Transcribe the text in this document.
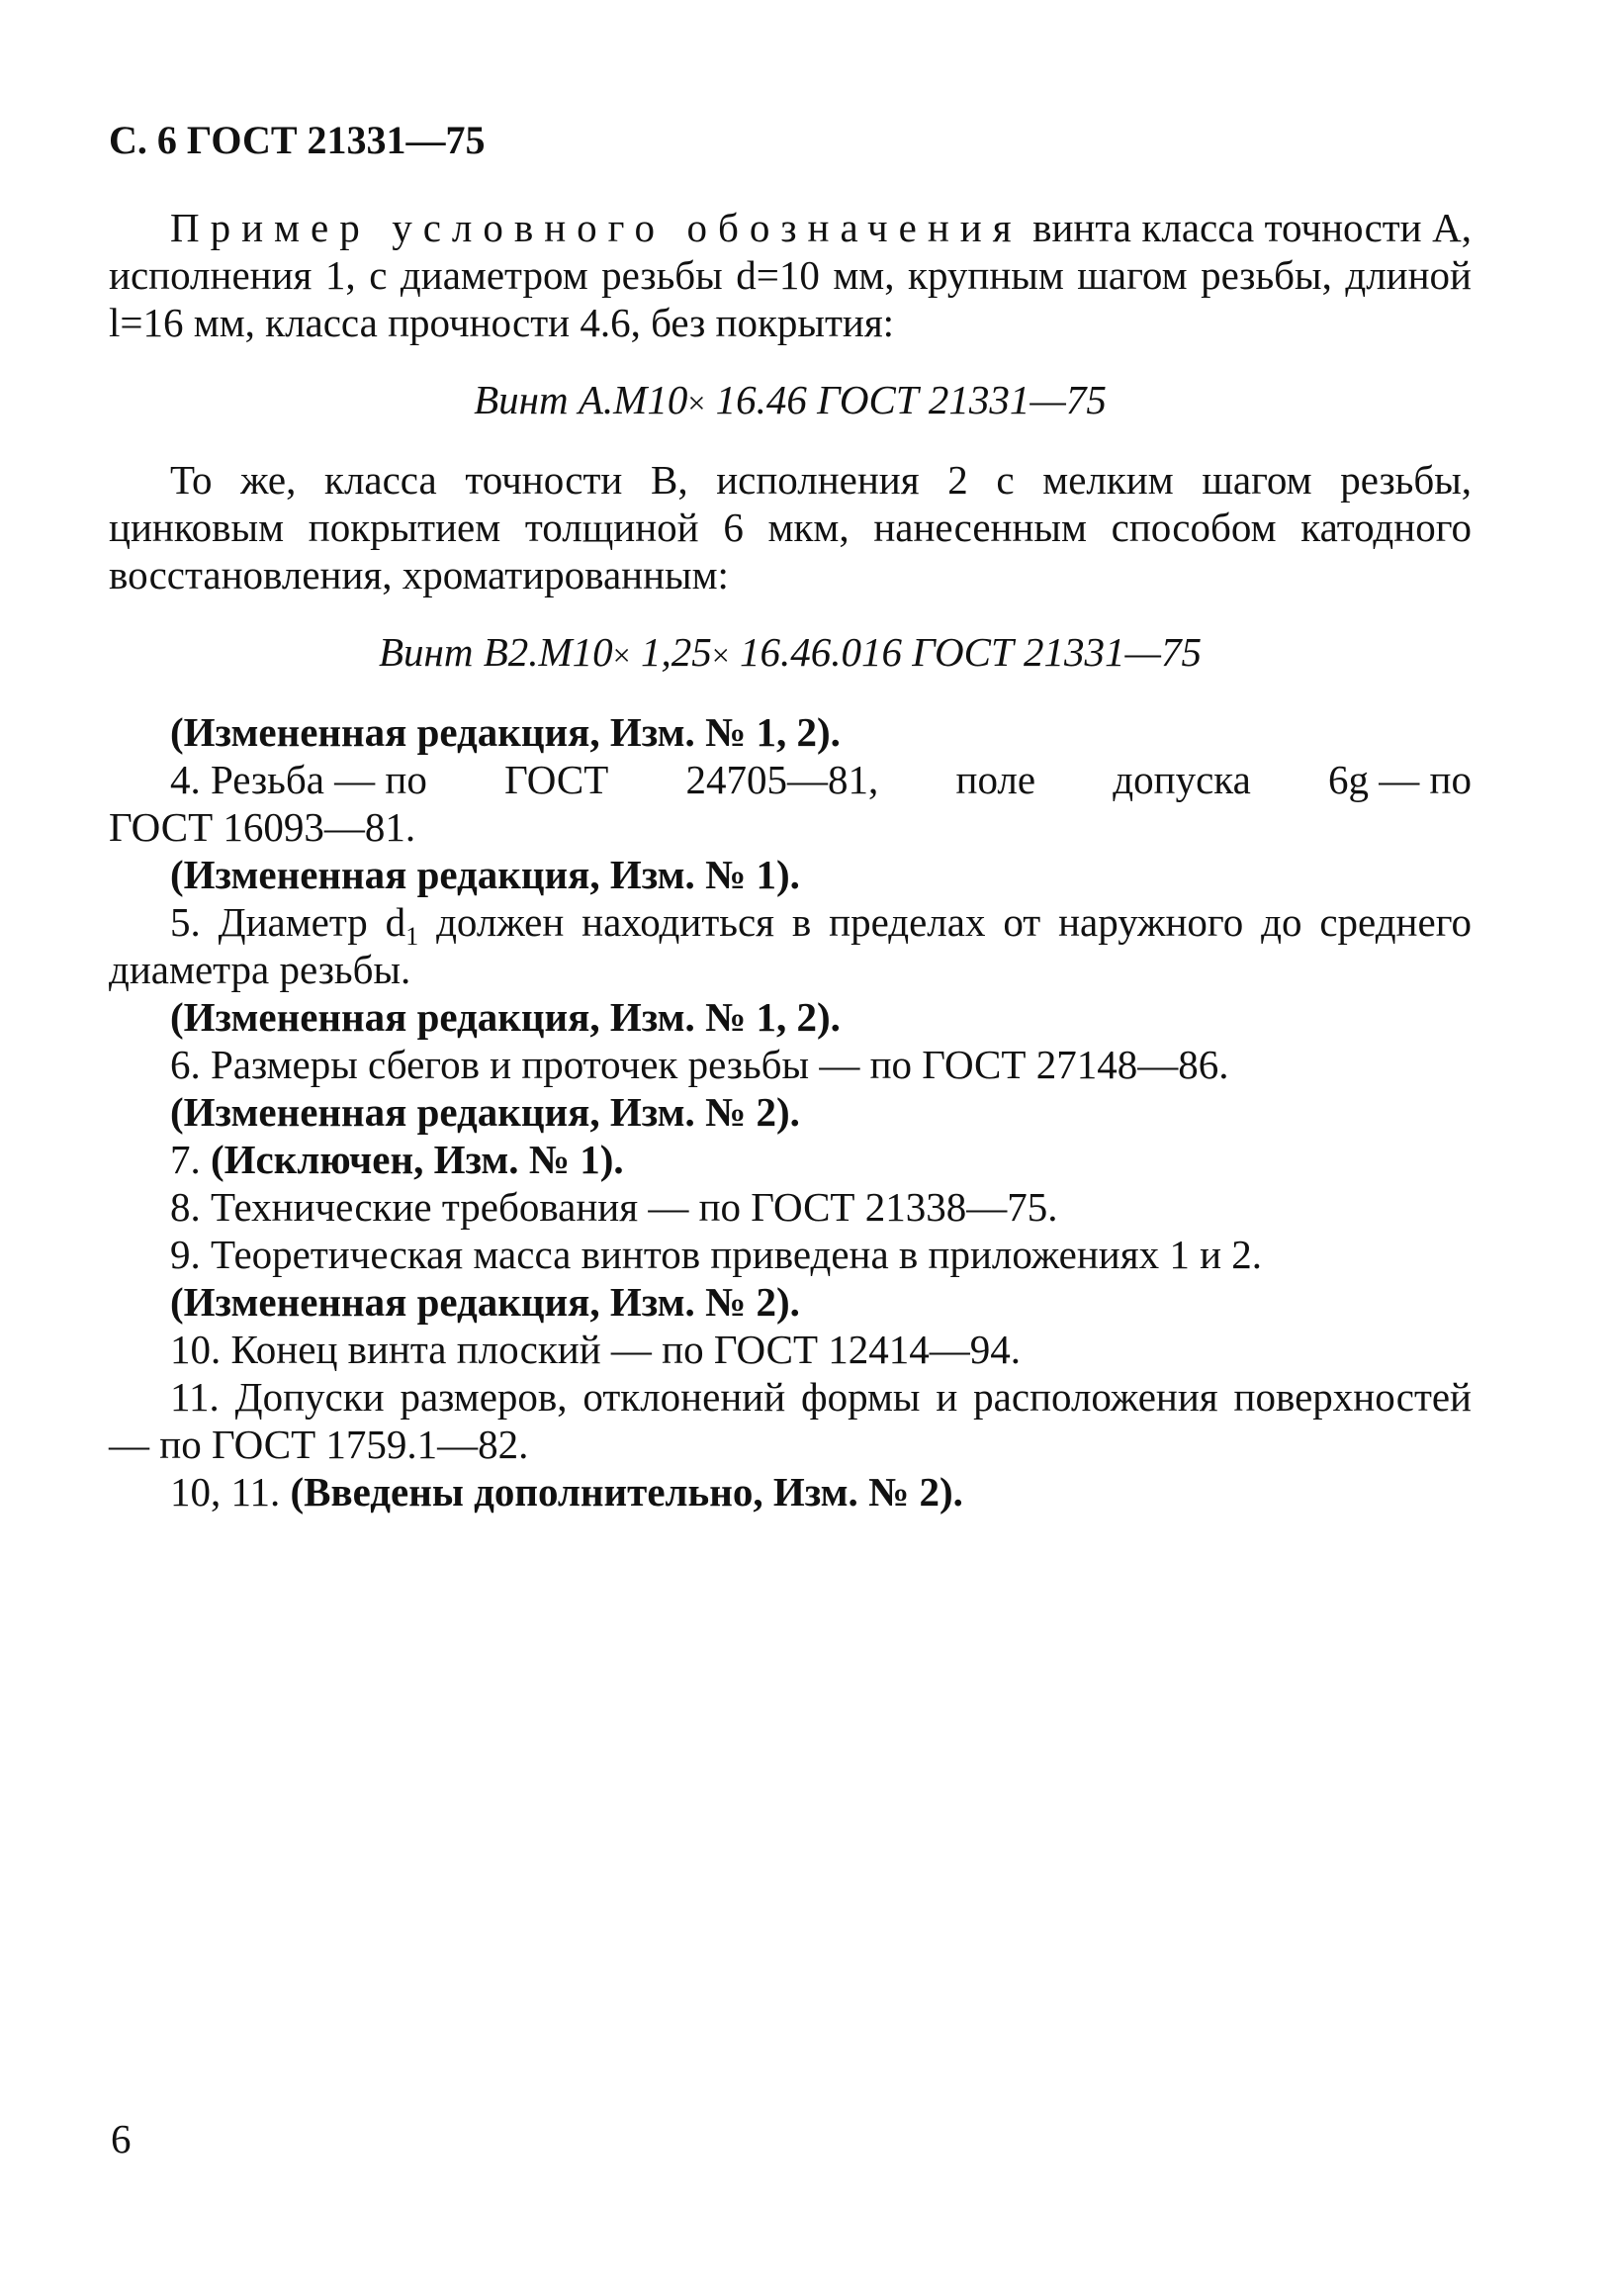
С. 6 ГОСТ 21331—75

Пример условного обозначения винта класса точности А, исполнения 1, с диаметром резьбы d=10 мм, крупным шагом резьбы, длиной l=16 мм, класса прочности 4.6, без покрытия:

Винт А.М10× 16.46 ГОСТ 21331—75

То же, класса точности В, исполнения 2 с мелким шагом резьбы, цинковым покрытием толщиной 6 мкм, нанесенным способом катодного восстановления, хроматированным:

Винт В2.М10× 1,25× 16.46.016 ГОСТ 21331—75

(Измененная редакция, Изм. № 1, 2).

4. Резьба — по ГОСТ 24705—81, поле допуска 6g — по

ГОСТ 16093—81.

(Измененная редакция, Изм. № 1).

5. Диаметр $d_1$ должен находиться в пределах от наружного до среднего диаметра резьбы.

(Измененная редакция, Изм. № 1, 2).

6. Размеры сбегов и проточек резьбы — по ГОСТ 27148—86.

(Измененная редакция, Изм. № 2).

7. (Исключен, Изм. № 1).

8. Технические требования — по ГОСТ 21338—75.

9. Теоретическая масса винтов приведена в приложениях 1 и 2.

(Измененная редакция, Изм. № 2).

10. Конец винта плоский — по ГОСТ 12414—94.

11. Допуски размеров, отклонений формы и расположения поверхностей — по ГОСТ 1759.1—82.

10, 11. (Введены дополнительно, Изм. № 2).

6
